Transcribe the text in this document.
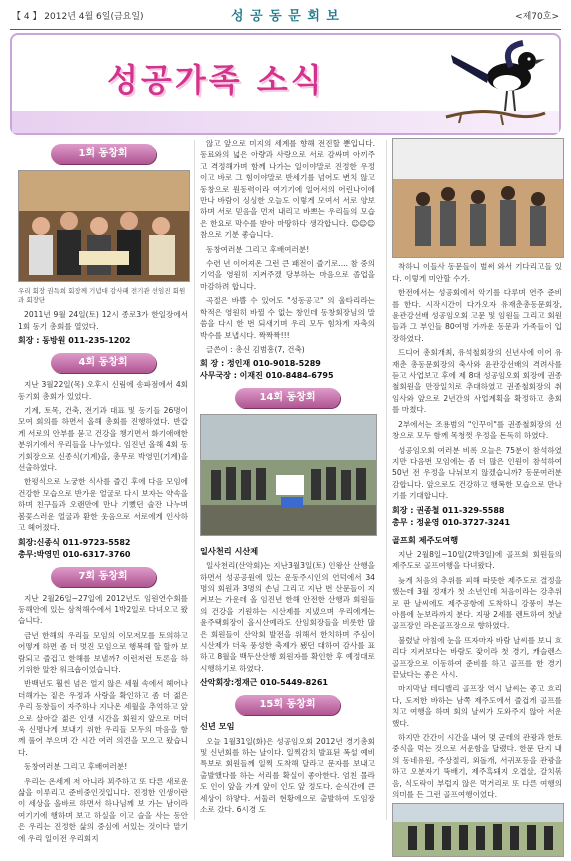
【 4 】 2012년 4월 6일(금요일)	성 공 동 문 회 보	<제70호>
성공가족 소식
1회 동창회
우리 회장 권득희 회장께 기념대 감사패 전기관 선임진 회원과 회장단

2011년 9월 24일(토) 12시 종로3가 한일장에서 1회 동기 총회를 열었다.

회장 : 동방원 011-235-1202
4회 동창회

지난 3월22일(목) 오후시 신림에 송파점에서 4회 동기회 총회가 있었다.

기계, 토목, 건축, 전기과 대표 및 동기들 26명이 모여 회의를 하면서 올해 총회를 진행하였다. 반갑게 서로의 안부를 묻고 건강을 챙기면서 화기애애한 분위기에서 우리들을 나누었다. 임진년 올해 4회 동기회장으로 신종식(기계)을, 총무로 박영민(기계)을 선출하였다.

한평식으로 노궁한 식사를 즐긴 후에 다음 모임에 건강한 모습으로 반가운 얼굴로 다시 보자는 약속을 하며 친구들과 오랜만에 만나 기뻤던 술잔 나누며 봄꽃스러운 얼굴과 환한 웃음으로 서로에게 인사하고 헤어졌다.

회장:신종식 011-9723-5582
총무:박영민 010-6317-3760
7회 동창회

지난 2월26일~27일에 2012년도 임원연수회를 동해안에 있는 삼척해수에서 1박2일로 다녀오고 왔습니다.

금년 한해의 우리들 모임의 이모저모를 토의하고 어떻게 하면 좀 더 멋진 모임으로 행복해 할 할까 보람되고 즐겁고 한해를 보낼까? 이런저런 토론을 하기위한 알찬 워크숍이었습니다.

반백년도 훨씬 넘은 얼지 않은 세월 속에서 헤어나 더해가는 짙은 우정과 사랑을 확인하고 좀 더 젊은 우리 동창들이 자주하나 지나온 세월을 추억하고 앞으로 살아갈 젊은 인생 시간을 회원지 앞으로 머더욱 신명나게 보내기 위한 우리들 모두의 마음을 함께 풀어 부으며 간 시간 여러 의견을 모으고 왔습니다.

동창여러분 그리고 후배여러분!

우리는 온세계 저 아니라 꾀주하고 또 다른 새로운 삶을 이루리고 준비중인것입니다. 진정한 인생이란 이 세상을 올바르 하면서 하나님께 보 가는 남이라 여기기에 행하며 보고 하실을 이고 슬을 사는 동안은 우리는 진정한 삶의 중심에 서있는 것이다 맡기에 우리 일이전 우리회지

않고 앞으로 미지의 세계를 향해 전진할 뿐입니다. 동료와의 넓은 아량과 사랑으로 서로 감싸며 아끼주고 격정해가며 함께 나가는 일이야말로 진정한 우정이고 바로 그 힘이야말로 반세기를 넘어도 변치 않고 동창으로 원동력이라 여기기에 일어서의 어린나이에 만나 바람이 싱싱한 오늘도 이렇게 모여서 서로 양보하며 서로 믿음을 먼저 내리고 바쁘는 우리들의 모습은 한요로 막수를 받아 마땅하다 생각합니다. ☺☺☺ 참으로 기분 좋습니다.

동창여러분 그리고 후배여러분!

수련 년 이어져온 그런 큰 패전이 즐기로.... 참 중의 기억을 영원히 지켜주겠 당부하는 마음으로 졸업을 마감하려 합니다.

곡절은 바쁠 수 있어도 "성동공고" 의 울타리라는 학적은 영원히 바뀔 수 없는 창인데 동창회장님의 말씀을 다시 한 번 되새기며 우리 모두 힘차게 자축의 박수를 보냅시다. 짝짝짝!!!

글쓴이 : 총신 김범흥(7, 건축)

회 장 : 정인재 010-9018-5289
사무국장 : 이재진 010-8484-6795
14회 동창회
일사천리 시산제

일사천리(산악회)는 지난3월3일(토) 인왕산 산행을 하면서 성공공원에 있는 운동주시인의 언덕에서 34명의 회원과 3명의 손님 그리고 지난 번 산문들이 지켜보는 가운데 올 임진년 한해 안전한 산행과 회원들의 건강을 기원하는 시산제를 지냈으며 우리에게는 윤주택회장이 올시산예라도 산임회장들을 비롯한 많은 회원들이 산악회 발전을 위해서 한치하며 주심이 시산제가 더욱 풍성한 축제가 됐던 대하여 감사를 표하고 8월을 백두산산행 회원자를 확인한 후 예정대로 시행하기로 하였다.

산악회장:정재근 010-5449-8261
15회 동창회
신년 모임

오늘 1월31일(화)은 성공임오회 2012년 경기총회 및 신년회를 하는 날이다. 일찍감치 발표된 폭설 예비특보로 회원들께 일찍 도착해 달라고 문자를 보내고 출발했다를 하는 서리를 확실이 좋아한다. 엄친 몰라도 인이 앞을 가게 앞이 인도 앞 정도다. 순식간에 큰 세상이 하얗다. 서둘러 현황에으로 출발하여 도임장소로 갔다. 6시경 도

착하니 이들사 동문들이 벌써 와서 기다리고들 있다. 이렇게 미안할 수가.

한전에서는 성공회에서 악기를 다루며 연주 준비를 한다. 시작시간이 다가오자 유재춘총동문회장, 윤관강선배 성공임오회 고문 및 임원들 그리고 회원들과 그 부인들 80여명 가까운 동문과 가족들이 입장하였다.

드디어 총회개최, 유석철회장의 신년사에 이어 유재춘 총동문회장의 축사와 윤관강선배의 격려사를 듣고 사업보고 후에 제 8대 성공임오회 회장에 권종철회원을 만장일치로 추대하였고 권종철회장의 취임사와 앞으로 2년간의 사업계획을 확정하고 총회를 마쳤다.

2부에서는 조용범의 "인꾸이"를 권종철회장의 선창으로 모두 함께 목청껏 우정을 돈독히 하였다.

성공임오회 여러분 비록 오늘은 75분이 참석하였지만 다음번 모임에는 좀 더 많은 인원이 참석하여 50년 전 우정을 나눠보지 않겠습니까? 동문여러분 감합니다. 앞으로도 건강하고 행복한 모습으로 만나기를 기대합니다.

회장 : 권종철 011-329-5588
총무 : 정윤영 010-3727-3241
골프회 제주도여행

지난 2월8일~10일(2박3일)에 골프회 회원들의 제주도로 골프여행을 다녀왔다.

늦게 처음의 추위를 피해 따뜻한 제주도로 결정을 했는데 3월 정재가 첫 소년인데 처음이라는 강추위로 판 날씨에도 제주공항에 도착하니 강풍이 부는 아름에 눈보라까지 분다. 지팡 2세를 렌트하여 첫날 골프장인 라온골프장으로 향하였다.

불렸날 아침에 눈을 뜨자마자 바람 날씨를 보니 흐리다 지켜보다는 바람도 잦이라 첫 경기, 캐슬렌스골프장으로 이동하여 준비를 하고 골프를 한 경기 끝났다는 좋은 사시.

마지막날 테디밸리 골프장 역시 날씨는 좋고 흐리다, 도저한 바하는 남쪽 제주도에서 즐겁게 골프를 치고 여행을 하며 회의 날씨가 도와주지 않아 서운했다.

하지만 간간이 시간을 내어 몇 군데의 관광과 한토중식을 먹는 것으로 서운함을 달랬다. 한문 단지 내의 동네유원, 주상절리, 외돌개, 서귀포등을 관광을 하고 오분자기 뚝배기, 제주흑돼지 오겹살, 갈치볶음, 식도락이 부럽지 않은 먹거리로 또 다른 여행의 의미를 든 그런 골프여행이었다.
